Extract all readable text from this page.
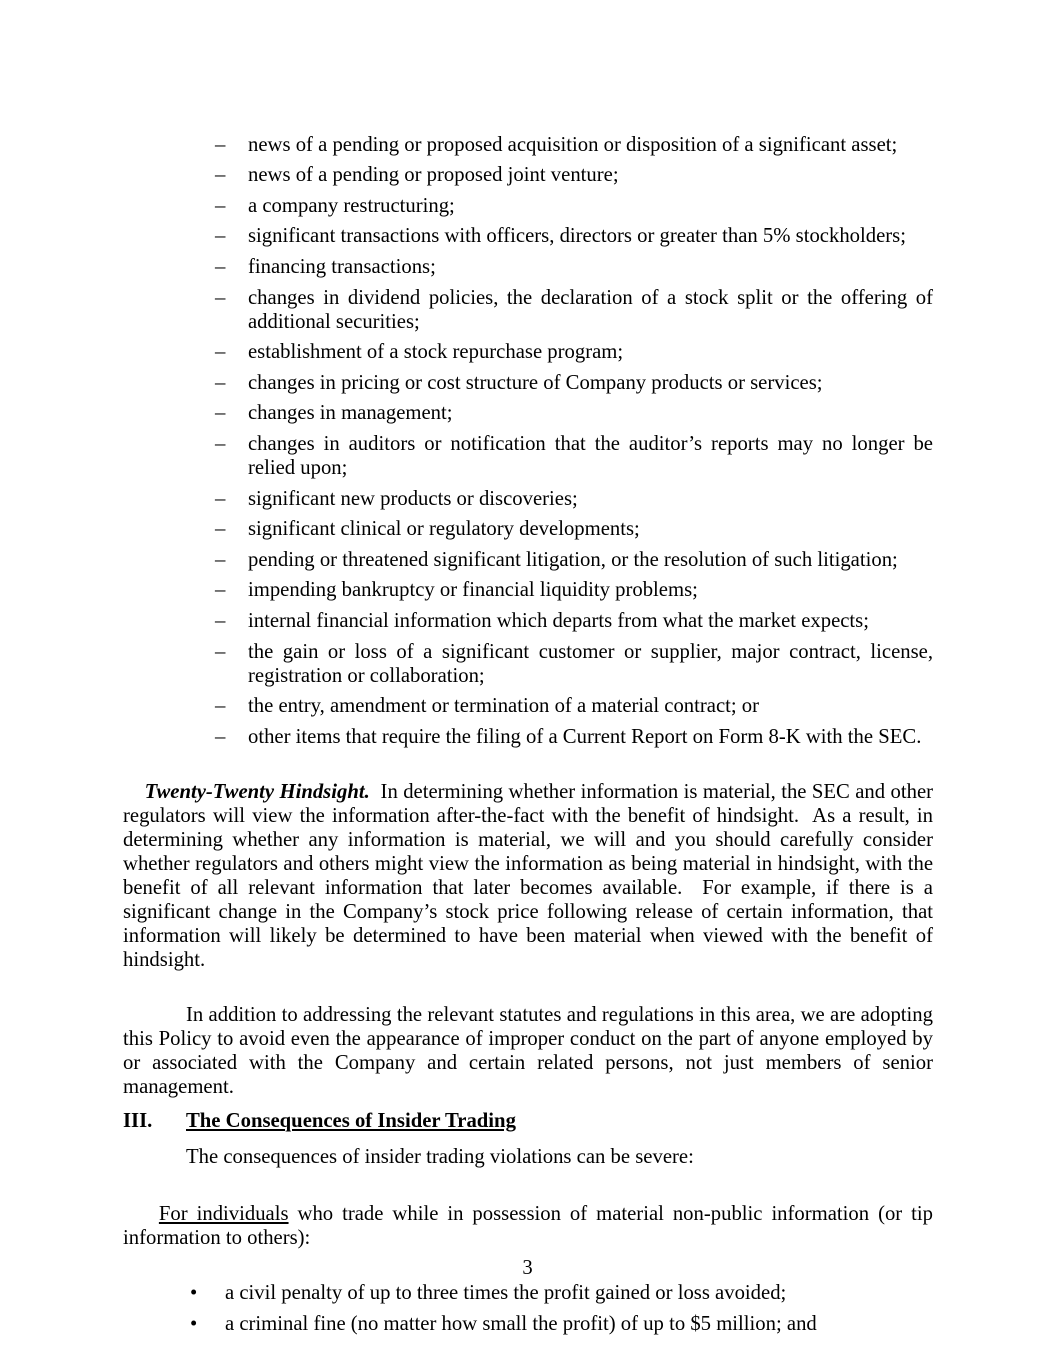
– news of a pending or proposed acquisition or disposition of a significant asset;
– news of a pending or proposed joint venture;
– a company restructuring;
– significant transactions with officers, directors or greater than 5% stockholders;
– financing transactions;
– changes in dividend policies, the declaration of a stock split or the offering of additional securities;
– establishment of a stock repurchase program;
– changes in pricing or cost structure of Company products or services;
– changes in management;
– changes in auditors or notification that the auditor’s reports may no longer be relied upon;
– significant new products or discoveries;
– significant clinical or regulatory developments;
– pending or threatened significant litigation, or the resolution of such litigation;
– impending bankruptcy or financial liquidity problems;
– internal financial information which departs from what the market expects;
– the gain or loss of a significant customer or supplier, major contract, license, registration or collaboration;
– the entry, amendment or termination of a material contract; or
– other items that require the filing of a Current Report on Form 8-K with the SEC.

Twenty-Twenty Hindsight.  In determining whether information is material, the SEC and other regulators will view the information after-the-fact with the benefit of hindsight.  As a result, in determining whether any information is material, we will and you should carefully consider whether regulators and others might view the information as being material in hindsight, with the benefit of all relevant information that later becomes available.  For example, if there is a significant change in the Company’s stock price following release of certain information, that information will likely be determined to have been material when viewed with the benefit of hindsight.

In addition to addressing the relevant statutes and regulations in this area, we are adopting this Policy to avoid even the appearance of improper conduct on the part of anyone employed by or associated with the Company and certain related persons, not just members of senior management.
III.	The Consequences of Insider Trading
The consequences of insider trading violations can be severe:

For individuals who trade while in possession of material non-public information (or tip information to others):

• a civil penalty of up to three times the profit gained or loss avoided;
• a criminal fine (no matter how small the profit) of up to $5 million; and
3
